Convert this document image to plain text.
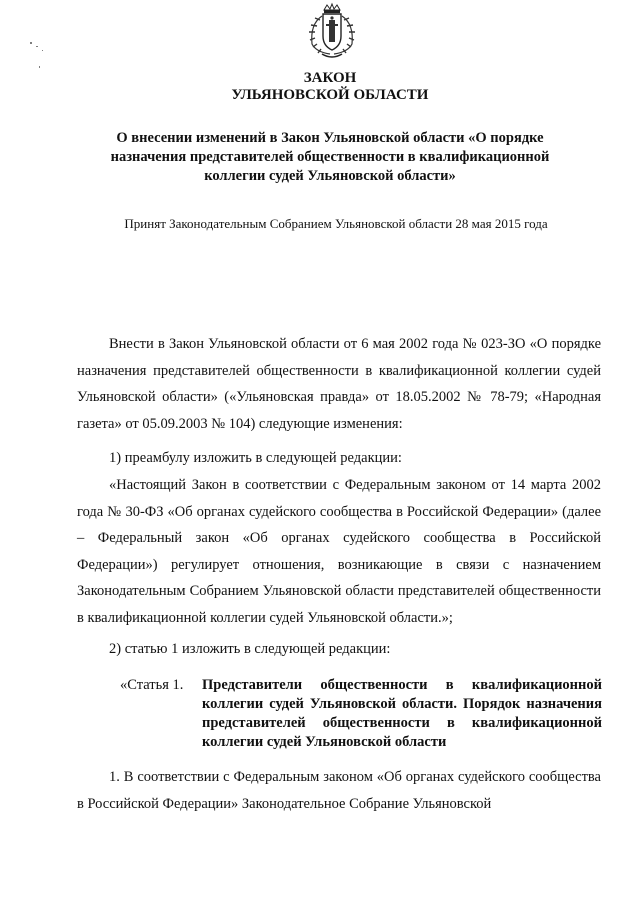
ЗАКОН
УЛЬЯНОВСКОЙ ОБЛАСТИ
О внесении изменений в Закон Ульяновской области «О порядке назначения представителей общественности в квалификационной коллегии судей Ульяновской области»
Принят Законодательным Собранием Ульяновской области 28 мая 2015 года

Внести в Закон Ульяновской области от 6 мая 2002 года № 023-ЗО «О порядке назначения представителей общественности в квалификационной коллегии судей Ульяновской области» («Ульяновская правда» от 18.05.2002 № 78-79; «Народная газета» от 05.09.2003 № 104) следующие изменения:

1) преамбулу изложить в следующей редакции:

«Настоящий Закон в соответствии с Федеральным законом от 14 марта 2002 года № 30-ФЗ «Об органах судейского сообщества в Российской Федерации» (далее – Федеральный закон «Об органах судейского сообщества в Российской Федерации») регулирует отношения, возникающие в связи с назначением Законодательным Собранием Ульяновской области представителей общественности в квалификационной коллегии судей Ульяновской области.»;

2) статью 1 изложить в следующей редакции:

«Статья 1. Представители общественности в квалификационной коллегии судей Ульяновской области. Порядок назначения представителей общественности в квалификационной коллегии судей Ульяновской области

1. В соответствии с Федеральным законом «Об органах судейского сообщества в Российской Федерации» Законодательное Собрание Ульяновской
